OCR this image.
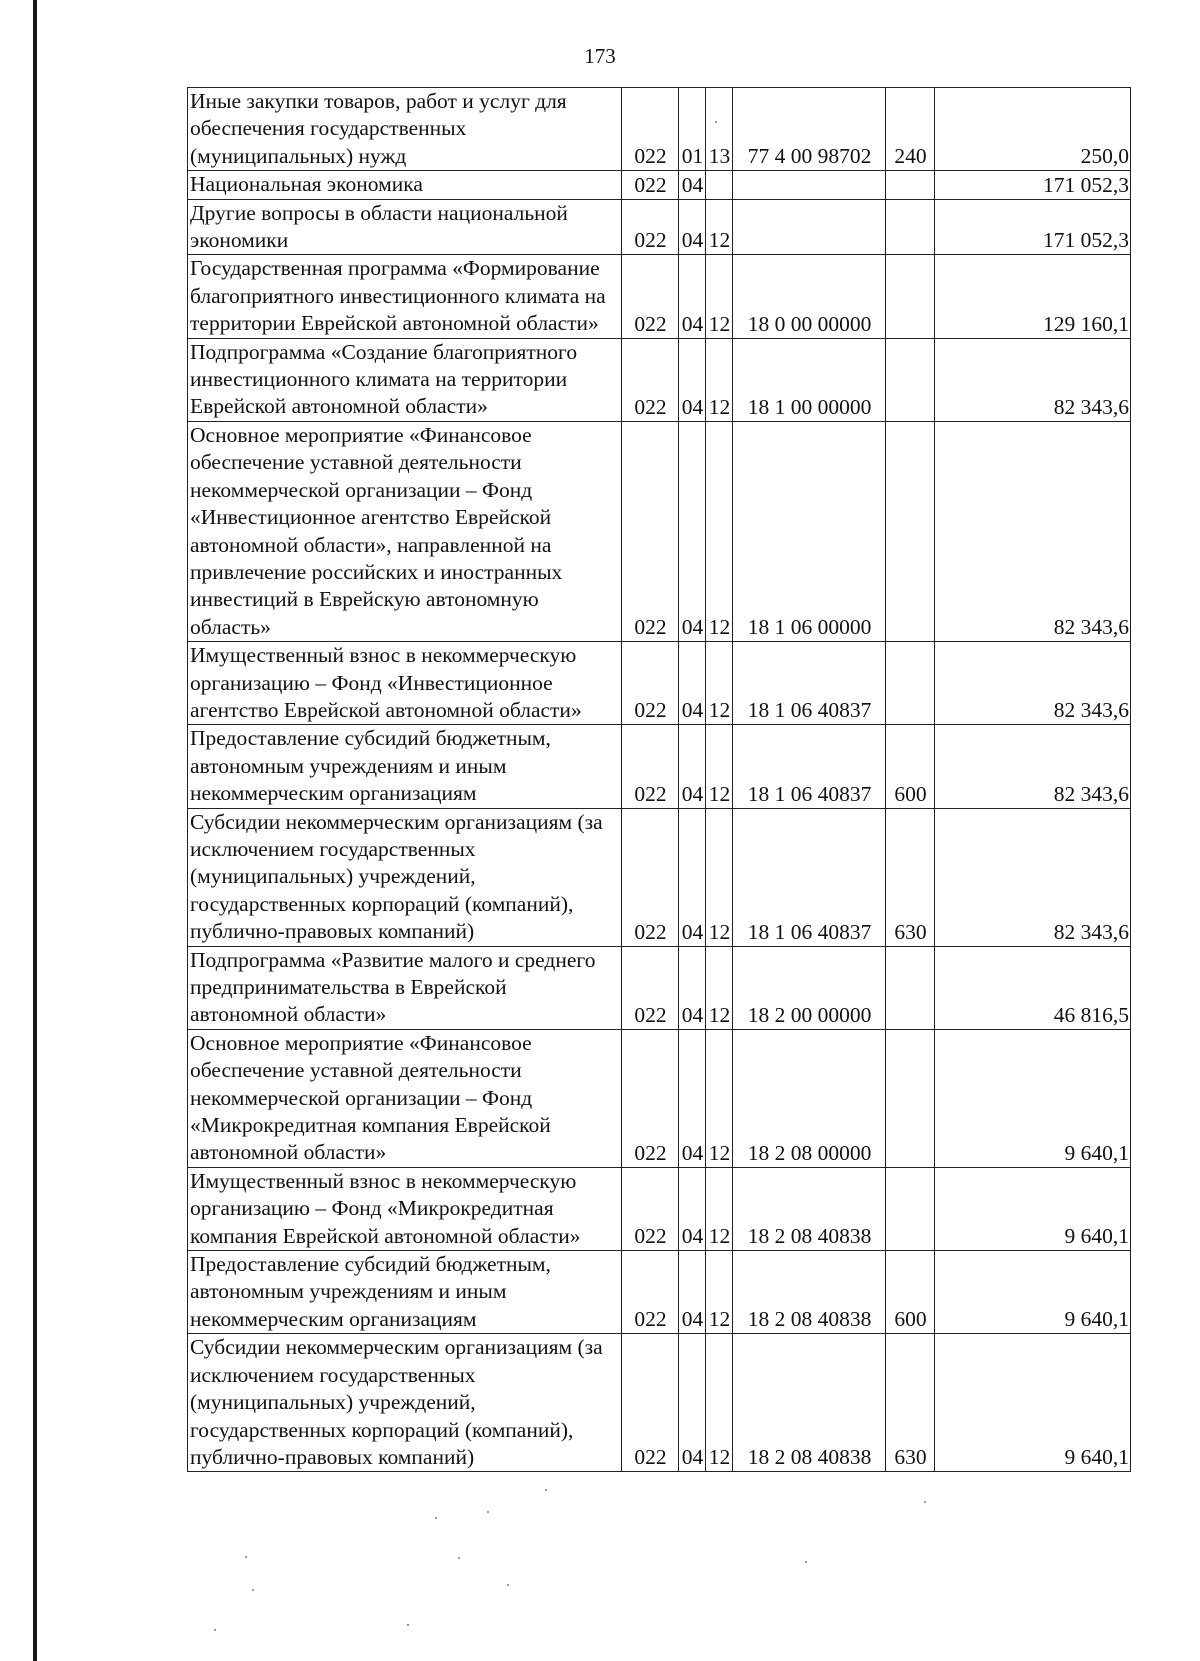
173
Иные закупки товаров, работ и услуг для обеспечения государственных (муниципальных) нужд	022	01	13	77 4 00 98702	240	250,0
Национальная экономика	022	04				171 052,3
Другие вопросы в области национальной экономики	022	04	12			171 052,3
Государственная программа «Формирование благоприятного инвестиционного климата на территории Еврейской автономной области»	022	04	12	18 0 00 00000		129 160,1
Подпрограмма «Создание благоприятного инвестиционного климата на территории Еврейской автономной области»	022	04	12	18 1 00 00000		82 343,6
Основное мероприятие «Финансовое обеспечение уставной деятельности некоммерческой организации – Фонд «Инвестиционное агентство Еврейской автономной области», направленной на привлечение российских и иностранных инвестиций в Еврейскую автономную область»	022	04	12	18 1 06 00000		82 343,6
Имущественный взнос в некоммерческую организацию – Фонд «Инвестиционное агентство Еврейской автономной области»	022	04	12	18 1 06 40837		82 343,6
Предоставление субсидий бюджетным, автономным учреждениям и иным некоммерческим организациям	022	04	12	18 1 06 40837	600	82 343,6
Субсидии некоммерческим организациям (за исключением государственных (муниципальных) учреждений, государственных корпораций (компаний), публично-правовых компаний)	022	04	12	18 1 06 40837	630	82 343,6
Подпрограмма «Развитие малого и среднего предпринимательства в Еврейской автономной области»	022	04	12	18 2 00 00000		46 816,5
Основное мероприятие «Финансовое обеспечение уставной деятельности некоммерческой организации – Фонд «Микрокредитная компания Еврейской автономной области»	022	04	12	18 2 08 00000		9 640,1
Имущественный взнос в некоммерческую организацию – Фонд «Микрокредитная компания Еврейской автономной области»	022	04	12	18 2 08 40838		9 640,1
Предоставление субсидий бюджетным, автономным учреждениям и иным некоммерческим организациям	022	04	12	18 2 08 40838	600	9 640,1
Субсидии некоммерческим организациям (за исключением государственных (муниципальных) учреждений, государственных корпораций (компаний), публично-правовых компаний)	022	04	12	18 2 08 40838	630	9 640,1
